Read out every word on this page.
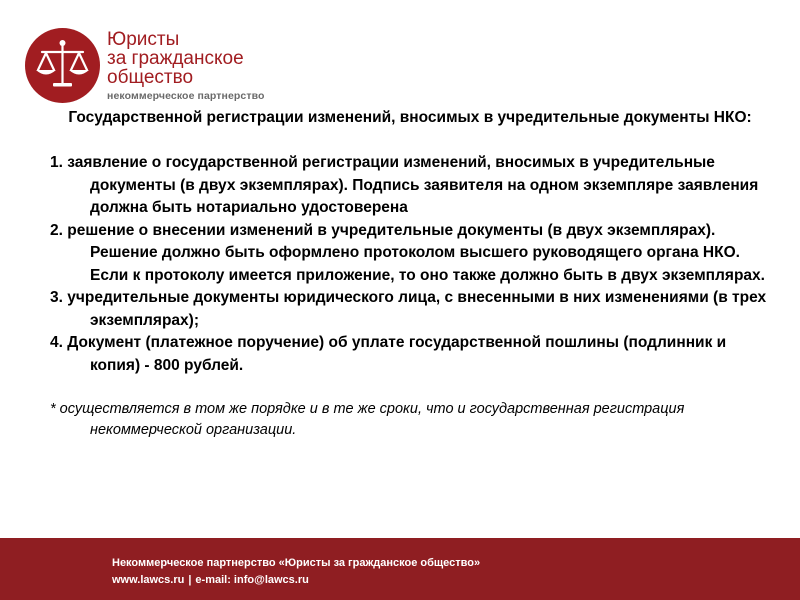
Юристы
за гражданское
общество
некоммерческое партнерство
Государственной регистрации изменений, вносимых в учредительные документы НКО:
1. заявление о государственной регистрации изменений, вносимых в учредительные документы (в двух экземплярах). Подпись заявителя на одном экземпляре заявления должна быть нотариально удостоверена
2. решение о внесении изменений в учредительные документы (в двух экземплярах). Решение должно быть оформлено протоколом высшего руководящего органа НКО. Если к протоколу имеется приложение, то оно также должно быть в двух экземплярах.
3. учредительные документы юридического лица, с внесенными в них изменениями (в трех экземплярах);
4. Документ (платежное поручение) об уплате государственной пошлины (подлинник и копия) - 800 рублей.
* осуществляется в том же порядке и в те же сроки, что и государственная регистрация некоммерческой организации.
Некоммерческое партнерство «Юристы за гражданское общество»
www.lawcs.ru | e-mail: info@lawcs.ru
